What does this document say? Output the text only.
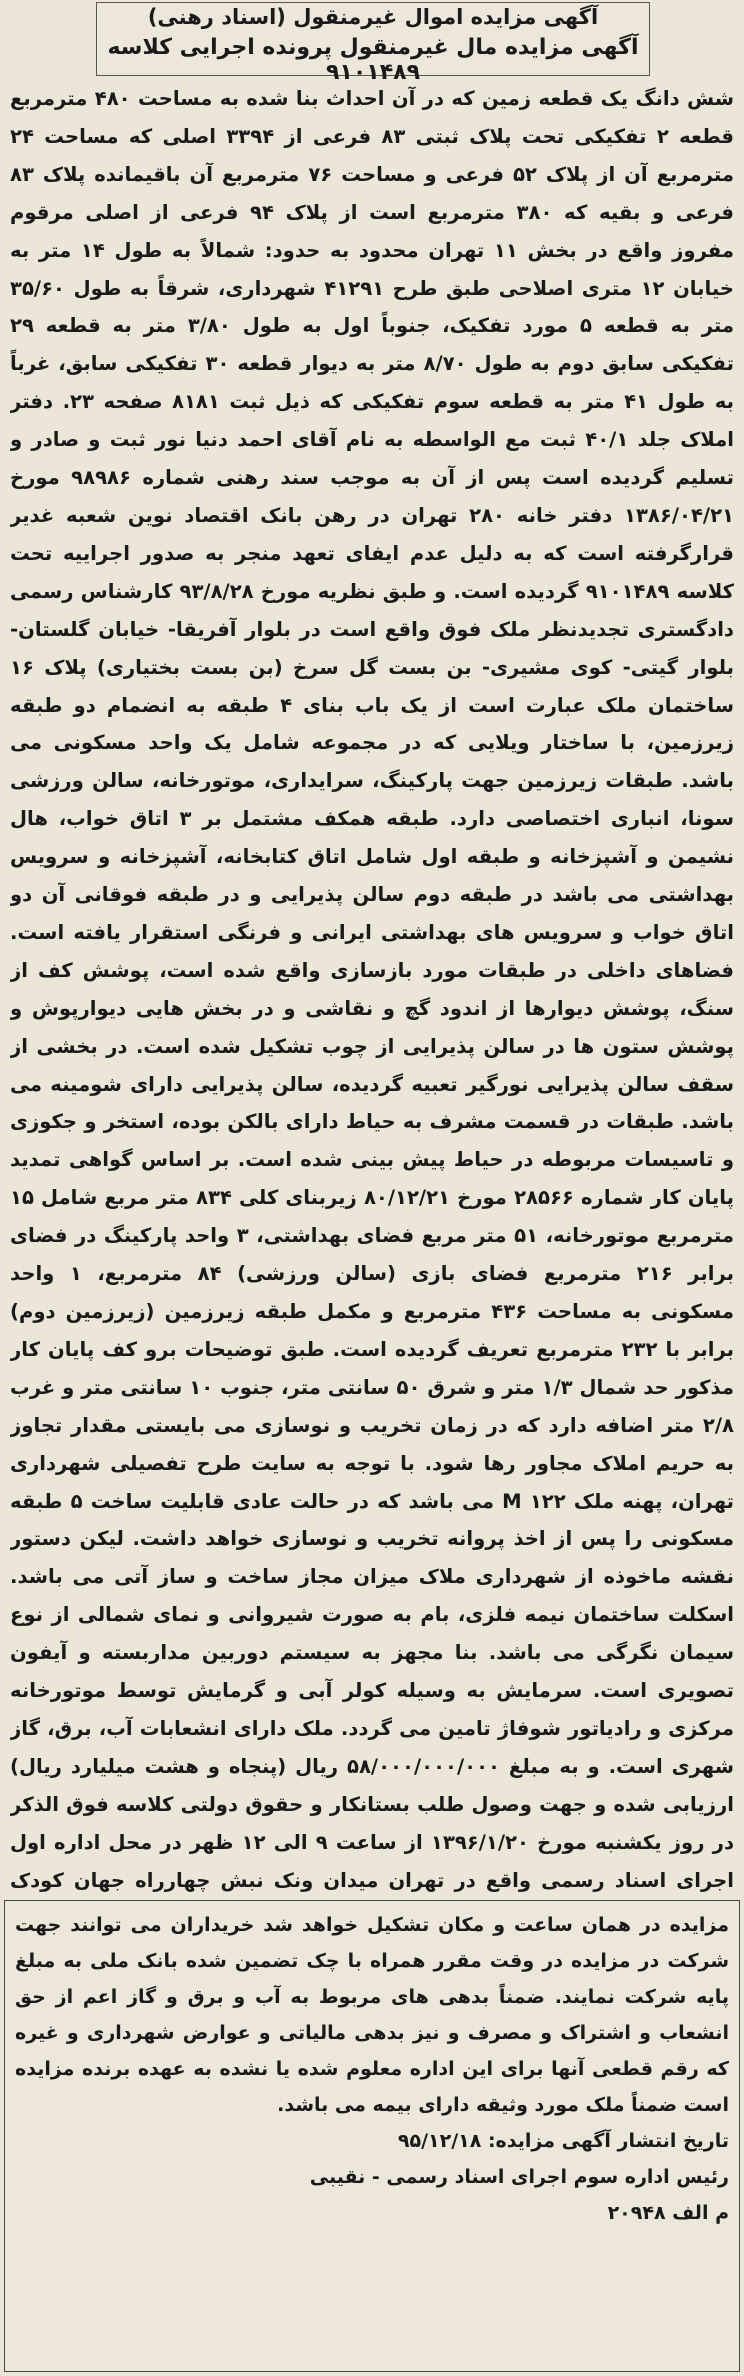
آگهی مزایده اموال غیرمنقول (اسناد رهنی)

آگهی مزایده مال غیرمنقول پرونده اجرایی کلاسه ۹۱۰۱۴۸۹

شش دانگ یک قطعه زمین که در آن احداث بنا شده به مساحت ۴۸۰ مترمربع قطعه ۲ تفکیکی تحت پلاک ثبتی ۸۳ فرعی از ۳۳۹۴ اصلی که مساحت ۲۴ مترمربع آن از پلاک ۵۲ فرعی و مساحت ۷۶ مترمربع آن باقیمانده پلاک ۸۳ فرعی و بقیه که ۳۸۰ مترمربع است از پلاک ۹۴ فرعی از اصلی مرقوم مفروز واقع در بخش ۱۱ تهران محدود به حدود: شمالاً به طول ۱۴ متر به خیابان ۱۲ متری اصلاحی طبق طرح ۴۱۲۹۱ شهرداری، شرقاً به طول ۳۵/۶۰ متر به قطعه ۵ مورد تفکیک، جنوباً اول به طول ۳/۸۰ متر به قطعه ۲۹ تفکیکی سابق دوم به طول ۸/۷۰ متر به دیوار قطعه ۳۰ تفکیکی سابق، غرباً به طول ۴۱ متر به قطعه سوم تفکیکی که ذیل ثبت ۸۱۸۱ صفحه ۲۳. دفتر املاک جلد ۴۰/۱ ثبت مع الواسطه به نام آقای احمد دنیا نور ثبت و صادر و تسلیم گردیده است پس از آن به موجب سند رهنی شماره ۹۸۹۸۶ مورخ ۱۳۸۶/۰۴/۲۱ دفتر خانه ۲۸۰ تهران در رهن بانک اقتصاد نوین شعبه غدیر قرارگرفته است که به دلیل عدم ایفای تعهد منجر به صدور اجراییه تحت کلاسه ۹۱۰۱۴۸۹ گردیده است. و طبق نظریه مورخ ۹۳/۸/۲۸ کارشناس رسمی دادگستری تجدیدنظر ملک فوق واقع است در بلوار آفریقا- خیابان گلستان- بلوار گیتی- کوی مشیری- بن بست گل سرخ (بن بست بختیاری) پلاک ۱۶ ساختمان ملک عبارت است از یک باب بنای ۴ طبقه به انضمام دو طبقه زیرزمین، با ساختار ویلایی که در مجموعه شامل یک واحد مسکونی می باشد. طبقات زیرزمین جهت پارکینگ، سرایداری، موتورخانه، سالن ورزشی سونا، انباری اختصاصی دارد. طبقه همکف مشتمل بر ۳ اتاق خواب، هال نشیمن و آشپزخانه و طبقه اول شامل اتاق کتابخانه، آشپزخانه و سرویس بهداشتی می باشد در طبقه دوم سالن پذیرایی و در طبقه فوقانی آن دو اتاق خواب و سرویس های بهداشتی ایرانی و فرنگی استقرار یافته است. فضاهای داخلی در طبقات مورد بازسازی واقع شده است، پوشش کف از سنگ، پوشش دیوارها از اندود گچ و نقاشی و در بخش هایی دیوارپوش و پوشش ستون ها در سالن پذیرایی از چوب تشکیل شده است. در بخشی از سقف سالن پذیرایی نورگیر تعبیه گردیده، سالن پذیرایی دارای شومینه می باشد. طبقات در قسمت مشرف به حیاط دارای بالکن بوده، استخر و جکوزی و تاسیسات مربوطه در حیاط پیش بینی شده است. بر اساس گواهی تمدید پایان کار شماره ۲۸۵۶۶ مورخ ۸۰/۱۲/۲۱ زیربنای کلی ۸۳۴ متر مربع شامل ۱۵ مترمربع موتورخانه، ۵۱ متر مربع فضای بهداشتی، ۳ واحد پارکینگ در فضای برابر ۲۱۶ مترمربع فضای بازی (سالن ورزشی) ۸۴ مترمربع، ۱ واحد مسکونی به مساحت ۴۳۶ مترمربع و مکمل طبقه زیرزمین (زیرزمین دوم) برابر با ۲۳۲ مترمربع تعریف گردیده است. طبق توضیحات برو کف پایان کار مذکور حد شمال ۱/۳ متر و شرق ۵۰ سانتی متر، جنوب ۱۰ سانتی متر و غرب ۲/۸ متر اضافه دارد که در زمان تخریب و نوسازی می بایستی مقدار تجاوز به حریم املاک مجاور رها شود. با توجه به سایت طرح تفصیلی شهرداری تهران، پهنه ملک ۱۲۲ M می باشد که در حالت عادی قابلیت ساخت ۵ طبقه مسکونی را پس از اخذ پروانه تخریب و نوسازی خواهد داشت. لیکن دستور نقشه ماخوذه از شهرداری ملاک میزان مجاز ساخت و ساز آتی می باشد. اسکلت ساختمان نیمه فلزی، بام به صورت شیروانی و نمای شمالی از نوع سیمان نگرگی می باشد. بنا مجهز به سیستم دوربین مداربسته و آیفون تصویری است. سرمایش به وسیله کولر آبی و گرمایش توسط موتورخانه مرکزی و رادیاتور شوفاژ تامین می گردد. ملک دارای انشعابات آب، برق، گاز شهری است. و به مبلغ ۵۸/۰۰۰/۰۰۰/۰۰۰ ریال (پنجاه و هشت میلیارد ریال) ارزیابی شده و جهت وصول طلب بستانکار و حقوق دولتی کلاسه فوق الذکر در روز یکشنبه مورخ ۱۳۹۶/۱/۲۰ از ساعت ۹ الی ۱۲ ظهر در محل اداره اول اجرای اسناد رسمی واقع در تهران میدان ونک نبش چهارراه جهان کودک

مزایده در همان ساعت و مکان تشکیل خواهد شد خریداران می توانند جهت شرکت در مزایده در وقت مقرر همراه با چک تضمین شده بانک ملی به مبلغ پایه شرکت نمایند. ضمناً بدهی های مربوط به آب و برق و گاز اعم از حق انشعاب و اشتراک و مصرف و نیز بدهی مالیاتی و عوارض شهرداری و غیره که رقم قطعی آنها برای این اداره معلوم شده یا نشده به عهده برنده مزایده است ضمناً ملک مورد وثیقه دارای بیمه می باشد.

تاریخ انتشار آگهی مزایده: ۹۵/۱۲/۱۸

رئیس اداره سوم اجرای اسناد رسمی - نقیبی

م الف ۲۰۹۴۸
